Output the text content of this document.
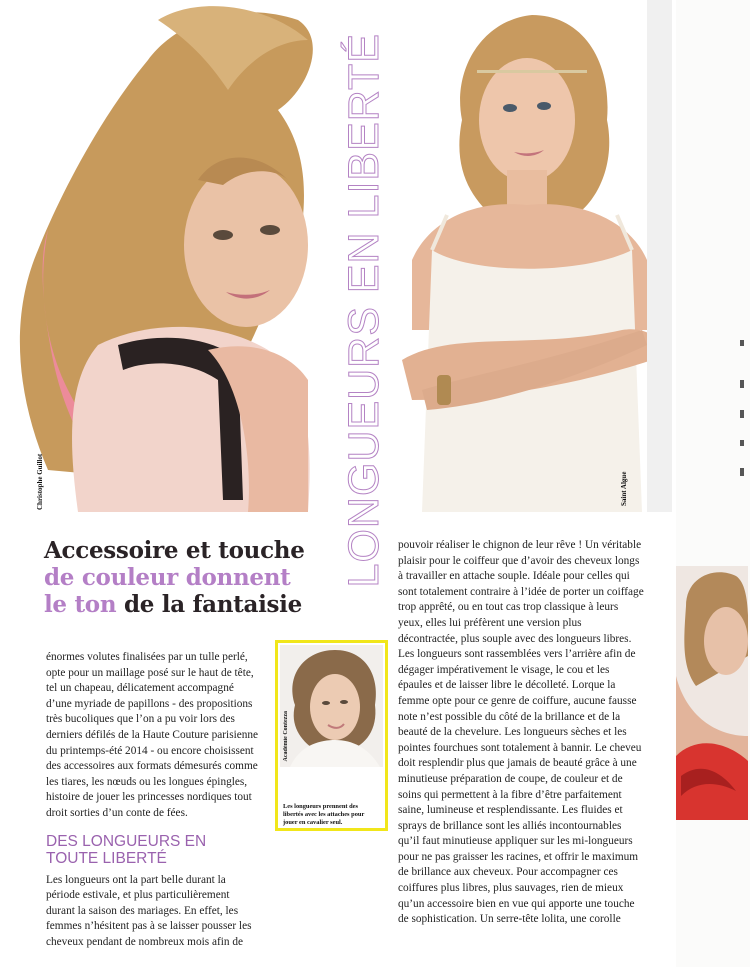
Christophe Guillot	LONGUEURS EN LIBERTÉ	Saint Algue
Accessoire et touche
de couleur donnent
le ton de la fantaisie

énormes volutes finalisées par un tulle perlé, opte pour un maillage posé sur le haut de tête, tel un chapeau, délicatement accompagné d’une myriade de papillons - des propositions très bucoliques que l’on a pu voir lors des derniers défilés de la Haute Couture parisienne du printemps-été 2014 - ou encore choisissent des accessoires aux formats démesurés comme les tiares, les nœuds ou les longues épingles, histoire de jouer les princesses nordiques tout droit sorties d’un conte de fées.

DES LONGUEURS EN
TOUTE LIBERTÉ

Les longueurs ont la part belle durant la période estivale, et plus particulièrement durant la saison des mariages. En effet, les femmes n’hésitent pas à se laisser pousser les cheveux pendant de nombreux mois afin de

Académie Contezza
Les longueurs prennent des libertés avec les attaches pour jouer en cavalier seul.

pouvoir réaliser le chignon de leur rêve ! Un véritable plaisir pour le coiffeur que d’avoir des cheveux longs à travailler en attache souple. Idéale pour celles qui sont totalement contraire à l’idée de porter un coiffage trop apprêté, ou en tout cas trop classique à leurs yeux, elles lui préfèrent une version plus décontractée, plus souple avec des longueurs libres. Les longueurs sont rassemblées vers l’arrière afin de dégager impérativement le visage, le cou et les épaules et de laisser libre le décolleté. Lorque la femme opte pour ce genre de coiffure, aucune fausse note n’est possible du côté de la brillance et de la beauté de la chevelure. Les longueurs sèches et les pointes fourchues sont totalement à bannir. Le cheveu doit resplendir plus que jamais de beauté grâce à une minutieuse préparation de coupe, de couleur et de soins qui permettent à la fibre d’être parfaitement saine, lumineuse et resplendissante. Les fluides et sprays de brillance sont les alliés incontournables qu’il faut minutieuse appliquer sur les mi-longueurs pour ne pas graisser les racines, et offrir le maximum de brillance aux cheveux. Pour accompagner ces coiffures plus libres, plus sauvages, rien de mieux qu’un accessoire bien en vue qui apporte une touche de sophistication. Un serre-tête lolita, une corolle
